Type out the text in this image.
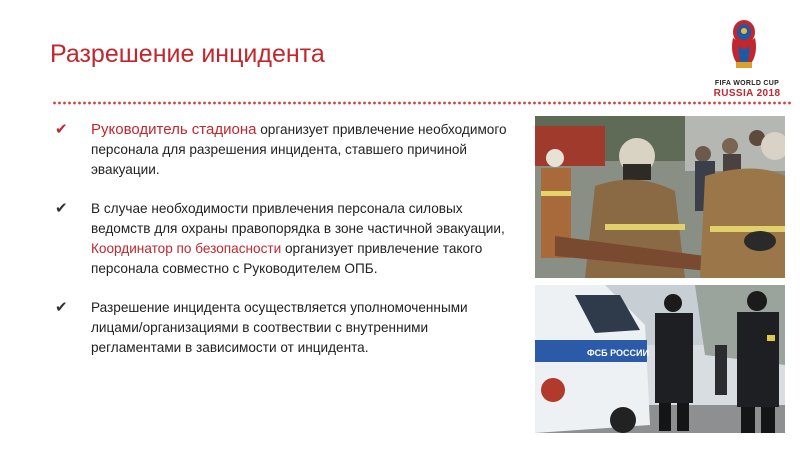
Разрешение инцидента
FIFA WORLD CUP
RUSSIA 2018
✔ Руководитель стадиона организует привлечение необходимого персонала для разрешения инцидента, ставшего причиной эвакуации.
✔ В случае необходимости привлечения персонала силовых ведомств для охраны правопорядка в зоне частичной эвакуации, Координатор по безопасности организует привлечение такого персонала совместно с Руководителем ОПБ.
✔ Разрешение инцидента осуществляется уполномоченными лицами/организациями в соотвествии с внутренними регламентами в зависимости от инцидента.	ФСБ РОССИИ
